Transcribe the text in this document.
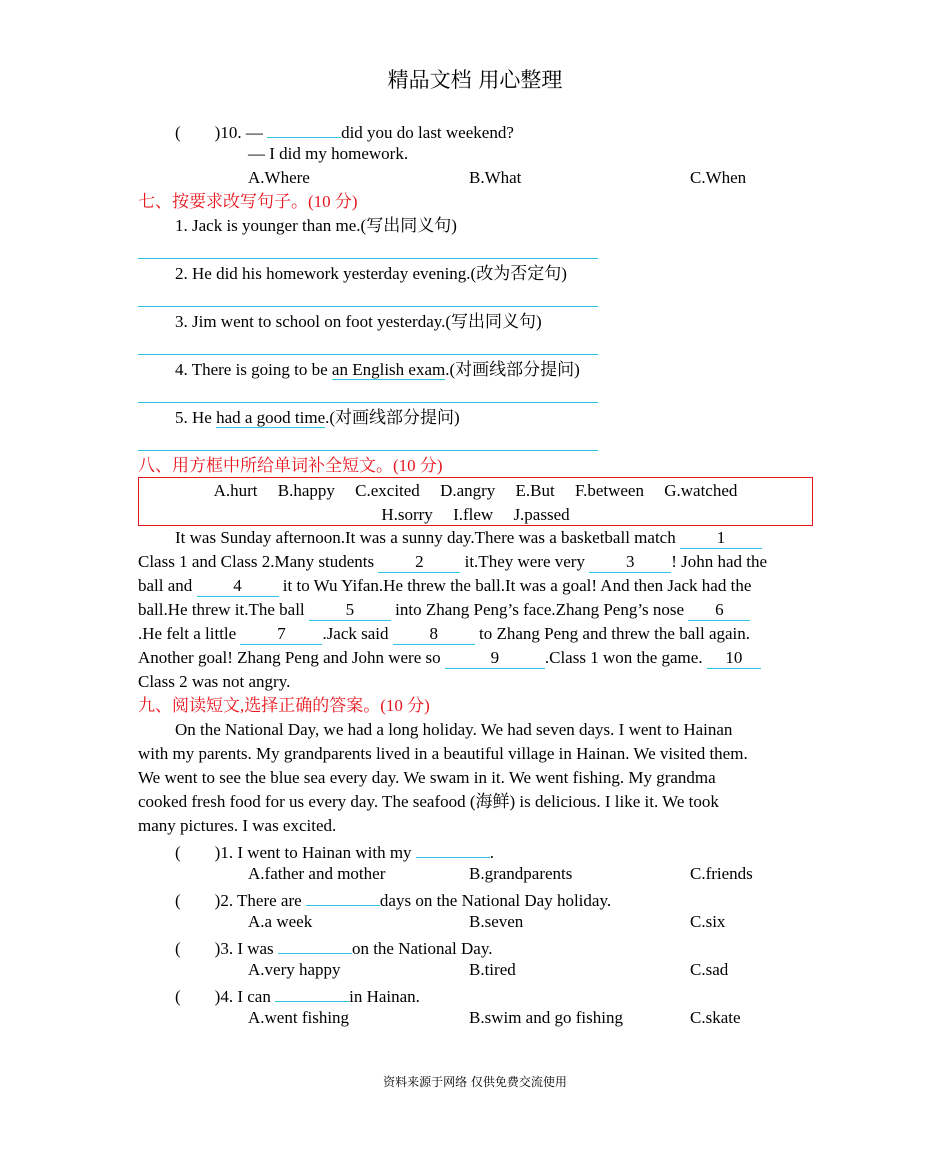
精品文档 用心整理
(        )10. —	did you do last weekend?
— I did my homework.
A.Where	B.What	C.When
七、按要求改写句子。(10 分)
1. Jack is younger than me.(写出同义句)
2. He did his homework yesterday evening.(改为否定句)
3. Jim went to school on foot yesterday.(写出同义句)
4. There is going to be an English exam.(对画线部分提问)
5. He had a good time.(对画线部分提问)
八、用方框中所给单词补全短文。(10 分)
A.hurt B.happy C.excited D.angry E.But F.between G.watched
H.sorry I.flew J.passed
It was Sunday afternoon.It was a sunny day.There was a basketball match 1
Class 1 and Class 2.Many students 2 it.They were very 3 ! John had the
ball and 4 it to Wu Yifan.He threw the ball.It was a goal! And then Jack had the
ball.He threw it.The ball 5 into Zhang Peng’s face.Zhang Peng’s nose 6
.He felt a little 7 .Jack said 8 to Zhang Peng and threw the ball again.
Another goal! Zhang Peng and John were so	9	.Class 1 won the game. 10
Class 2 was not angry.
九、阅读短文,选择正确的答案。(10 分)
On the National Day, we had a long holiday. We had seven days. I went to Hainan
with my parents. My grandparents lived in a beautiful village in Hainan. We visited them.
We went to see the blue sea every day. We swam in it. We went fishing. My grandma
cooked fresh food for us every day. The seafood (海鲜) is delicious. I like it. We took
many pictures. I was excited.
(        )1. I went to Hainan with my	.
A.father and mother	B.grandparents	C.friends
(        )2. There are	days on the National Day holiday.
A.a week	B.seven	C.six
(        )3. I was	on the National Day.
A.very happy	B.tired	C.sad
(        )4. I can	in Hainan.
A.went fishing	B.swim and go fishing	C.skate
资料来源于网络 仅供免费交流使用
